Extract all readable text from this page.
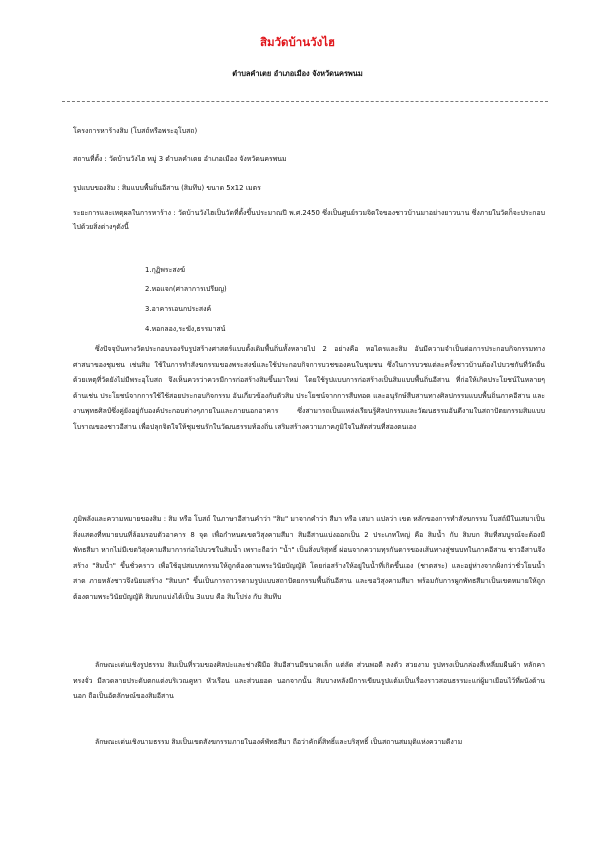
สิมวัดบ้านวังไฮ
ตำบลคำเตย อำเภอเมือง จังหวัดนครพนม
โครงการหาร้างสิม (โบสถ์หรือพระอุโบสถ)
สถานที่ตั้ง : วัดบ้านวังไฮ หมู่ 3 ตำบลคำเตย อำเภอเมือง จังหวัดนครพนม
รูปแบบของสิม : สิมแบบพื้นถิ่นอีสาน (สิมทึบ) ขนาด 5x12 เมตร
ระยะการและเหตุผลในการหาร้าง : วัดบ้านวังไฮเป็นวัดที่ตั้งขึ้นประมาณปี พ.ศ.2450 ซึ่งเป็นศูนย์รวมจิตใจของชาวบ้านมาอย่างยาวนาน ซึ่งภายในวัดก็จะประกอบไปด้วยสิ่งต่างๆดังนี้
1.กุฏิพระสงฆ์
2.หอแจก(ศาลาการเปรียญ)
3.อาคารเอนกประสงค์
4.หอกลอง,ระฆัง,ธรรมาสน์
ซึ่งปัจจุบันทางวัดประกอบรองรับรูปสร้างศาสตร์แบบตั้งเดิมพื้นถิ่นทั้งหลายไป 2 อย่างคือ หอไตรและสิม อันมีความจำเป็นต่อการประกอบกิจกรรมทางศาสนาของชุมชน เช่นสิม ใช้ในการทำสังฆกรรมของพระสงฆ์และใช้ประกอบกิจการบวชของคนในชุมชน ซึ่งในการบวชแต่ละครั้งชาวบ้านต้องไปบวชกันที่วัดอื่น ด้วยเหตุที่วัดยังไม่มีพระอุโบสถ จึงเห็นควรว่าควรมีการก่อสร้างสิมขึ้นมาใหม่ โดยใช้รูปแบบการก่อสร้างเป็นสิมแบบพื้นถิ่นอีสาน ที่ก่อให้เกิดประโยชน์ในหลายๆด้านเช่น ประโยชน์จากการใช้ใช้สอยประกอบกิจกรรม อันเกี่ยวข้องกับตัวสิม ประโยชน์จากการสืบทอด และอนุรักษ์สืบสานทางศิลปกรรมแบบพื้นถิ่นภาคอีสาน และงานพุทธศิลป์ซึ่งคู่ยังอยู่กับองค์ประกอบต่างๆภายในและภายนอกอาคาร ซึ่งสามารถเป็นแหล่งเรียนรู้ศิลปกรรมและวัฒนธรรมอันดีงามในสถาปัตยกรรมสิมแบบโบราณของชาวอีสาน เพื่อปลุกจิตใจให้ชุมชนรักในวัฒนธรรมท้องถิ่น เสริมสร้างความภาคภูมิใจในสัดส่วนที่สองตนเอง
ภูมิพลังและความหมายของสิม : สิม หรือ โบสถ์ ในภาษาอีสานคำว่า "สิม" มาจากคำว่า สีมา หรือ เสมา แปลว่า เขต หลักของการทำสังฆกรรม โบสถ์มีในเสมาเป็นสิ่งแสดงที่หมายบนที่ล้อมรอบตัวอาคาร 8 จุด เพื่อกำหนดเขตวิสุงคามสีมา สิมอีสานแบ่งออกเป็น 2 ประเภทใหญ่ คือ สิมน้ำ กับ สิมบก สิมที่สมบูรณ์จะต้องมีพัทธสีมา หากไม่มีเขตวิสุงคามสีมาการก่อไปบวชในสิมน้ำ เพราะถือว่า "น้ำ" เป็นสิ่งบริสุทธิ์ ผ่อนจากความทุรกันดารของเส้นทางสู่ชนบทในภาคอีสาน ชาวอีสานจึงสร้าง "สิมน้ำ" ขึ้นชั่วคราว เพื่อใช้อุปสมบทกรรมให้ถูกต้องตามพระวินัยบัญญัติ โดยก่อสร้างให้อยู่ในน้ำที่เกิดขึ้นเอง (ชาตสระ) และอยู่ห่างจากฝั่งกว่าชั่วโยนน้ำสาด ภายหลังชาวจึงนิยมสร้าง "สิมบก" ขึ้นเป็นการถาวรตามรูปแบบสถาปัตยกรรมพื้นถิ่นอีสาน และขอวิสุงคามสีมา พร้อมกับการผูกพัทธสีมาเป็นเขตหมายให้ถูกต้องตามพระวินัยบัญญัติ สิมบกแบ่งได้เป็น 3แบบ คือ สิมโปร่ง กับ สิมทึบ
ลักษณะเด่นเชิงรูปธรรม สิมเป็นที่รวมของศิลปะและช่างฝีมือ สิมอีสานมีขนาดเล็ก แต่ลัด ส่วนพอดี ลงตัว สวยงาม รูปทรงเป็นกล่องสี่เหลี่ยมผืนผ้า หลักคาทรงจั่ว มีลวดลายประดับตกแต่งบริเวณคูหา หัวเรือน และส่วนยอด นอกจากนั้น สิมบางหลังมีการเขียนรูปแต้มเป็นเรื่องราวสอนธรรมะแก่ผู้มาเยือนไว้ที่ผนังด้านนอก ถือเป็นอัตลักษณ์ของสิมอีสาน
ลักษณะเด่นเชิงนามธรรม สิมเป็นเขตสังฆกรรมภายในองค์พัทธสีมา ถือว่าคักดิ์สิทธิ์และบริสุทธิ์ เป็นสถานสมมุติแห่งความดีงาม
